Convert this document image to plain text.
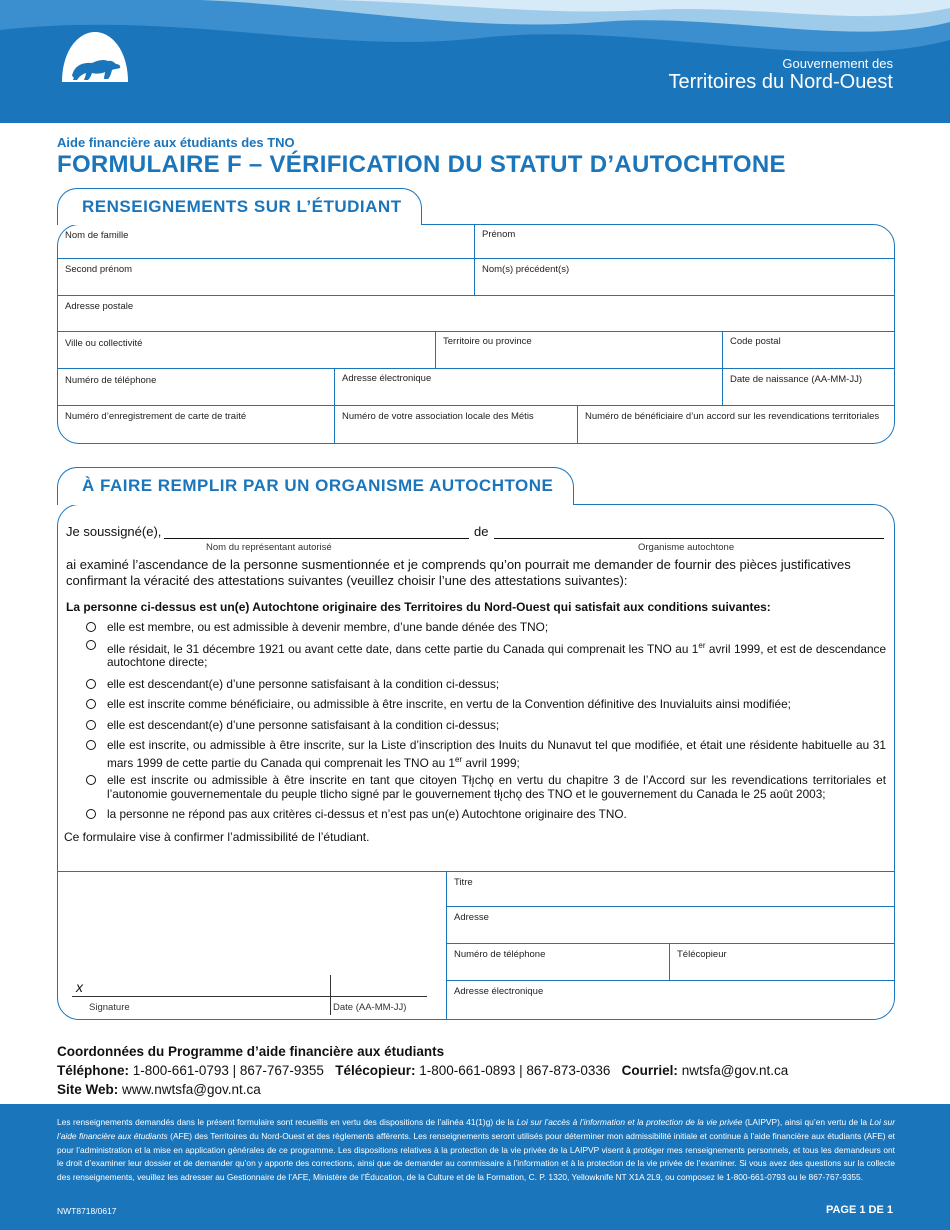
Gouvernement des
Territoires du Nord-Ouest
Aide financière aux étudiants des TNO
FORMULAIRE F – VÉRIFICATION DU STATUT D’AUTOCHTONE
RENSEIGNEMENTS SUR L’ÉTUDIANT
Nom de famille	Prénom
Second prénom	Nom(s) précédent(s)
Adresse postale
Ville ou collectivité	Territoire ou province	Code postal
Numéro de téléphone	Adresse électronique	Date de naissance (AA-MM-JJ)
Numéro d’enregistrement de carte de traité	Numéro de votre association locale des Métis	Numéro de bénéficiaire d’un accord sur les revendications territoriales
À FAIRE REMPLIR PAR UN ORGANISME AUTOCHTONE
Je soussigné(e),	de
Nom du représentant autorisé	Organisme autochtone
ai examiné l’ascendance de la personne susmentionnée et je comprends qu’on pourrait me demander de fournir des pièces justificatives confirmant la véracité des attestations suivantes (veuillez choisir l’une des attestations suivantes):
La personne ci-dessus est un(e) Autochtone originaire des Territoires du Nord-Ouest qui satisfait aux conditions suivantes:
elle est membre, ou est admissible à devenir membre, d’une bande dénée des TNO;
elle résidait, le 31 décembre 1921 ou avant cette date, dans cette partie du Canada qui comprenait les TNO au 1er avril 1999, et est de descendance autochtone directe;
elle est descendant(e) d’une personne satisfaisant à la condition ci-dessus;
elle est inscrite comme bénéficiaire, ou admissible à être inscrite, en vertu de la Convention définitive des Inuvialuits ainsi modifiée;
elle est descendant(e) d’une personne satisfaisant à la condition ci-dessus;
elle est inscrite, ou admissible à être inscrite, sur la Liste d’inscription des Inuits du Nunavut tel que modifiée, et était une résidente habituelle au 31 mars 1999 de cette partie du Canada qui comprenait les TNO au 1er avril 1999;
elle est inscrite ou admissible à être inscrite en tant que citoyen Tłı̨chǫ en vertu du chapitre 3 de l’Accord sur les revendications territoriales et l’autonomie gouvernementale du peuple tlicho signé par le gouvernement tłı̨chǫ des TNO et le gouvernement du Canada le 25 août 2003;
la personne ne répond pas aux critères ci-dessus et n’est pas un(e) Autochtone originaire des TNO.
Ce formulaire vise à confirmer l’admissibilité de l’étudiant.
x
Signature	Date (AA-MM-JJ)
Titre
Adresse
Numéro de téléphone	Télécopieur
Adresse électronique
Coordonnées du Programme d’aide financière aux étudiants
Téléphone: 1-800-661-0793 | 867-767-9355 Télécopieur: 1-800-661-0893 | 867-873-0336 Courriel: nwtsfa@gov.nt.ca
Site Web: www.nwtsfa@gov.nt.ca
Les renseignements demandés dans le présent formulaire sont recueillis en vertu des dispositions de l’alinéa 41(1)g) de la Loi sur l’accès à l’information et la protection de la vie privée (LAIPVP), ainsi qu’en vertu de la Loi sur l’aide financière aux étudiants (AFE) des Territoires du Nord-Ouest et des règlements afférents. Les renseignements seront utilisés pour déterminer mon admissibilité initiale et continue à l’aide financière aux étudiants (AFE) et pour l’administration et la mise en application générales de ce programme. Les dispositions relatives à la protection de la vie privée de la LAIPVP visent à protéger mes renseignements personnels, et tous les demandeurs ont le droit d’examiner leur dossier et de demander qu’on y apporte des corrections, ainsi que de demander au commissaire à l’information et à la protection de la vie privée de l’examiner. Si vous avez des questions sur la collecte des renseignements, veuillez les adresser au Gestionnaire de l’AFE, Ministère de l’Éducation, de la Culture et de la Formation, C. P. 1320, Yellowknife NT X1A 2L9, ou composez le 1-800-661-0793 ou le 867-767-9355.
NWT8718/0617	PAGE 1 DE 1
